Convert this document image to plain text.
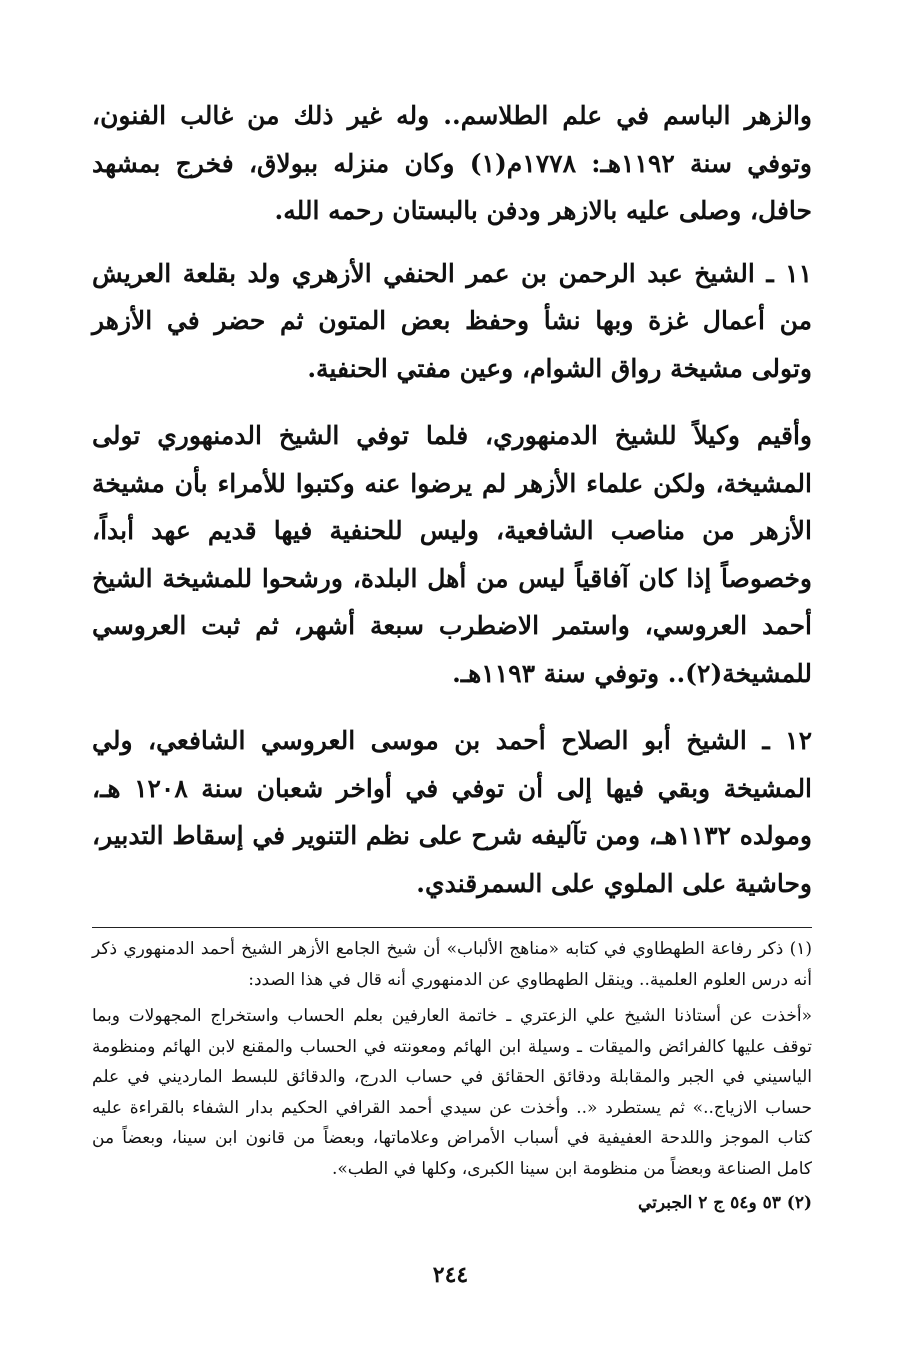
والزهر الباسم في علم الطلاسم.. وله غير ذلك من غالب الفنون، وتوفي سنة ١١٩٢هـ: ١٧٧٨م(١) وكان منزله ببولاق، فخرج بمشهد حافل، وصلى عليه بالازهر ودفن بالبستان رحمه الله.

١١ ـ الشيخ عبد الرحمن بن عمر الحنفي الأزهري ولد بقلعة العريش من أعمال غزة وبها نشأ وحفظ بعض المتون ثم حضر في الأزهر وتولى مشيخة رواق الشوام، وعين مفتي الحنفية.

وأقيم وكيلاً للشيخ الدمنهوري، فلما توفي الشيخ الدمنهوري تولى المشيخة، ولكن علماء الأزهر لم يرضوا عنه وكتبوا للأمراء بأن مشيخة الأزهر من مناصب الشافعية، وليس للحنفية فيها قديم عهد أبداً، وخصوصاً إذا كان آفاقياً ليس من أهل البلدة، ورشحوا للمشيخة الشيخ أحمد العروسي، واستمر الاضطرب سبعة أشهر، ثم ثبت العروسي للمشيخة(٢).. وتوفي سنة ١١٩٣هـ.

١٢ ـ الشيخ أبو الصلاح أحمد بن موسى العروسي الشافعي، ولي المشيخة وبقي فيها إلى أن توفي في أواخر شعبان سنة ١٢٠٨ هـ، ومولده ١١٣٢هـ، ومن تآليفه شرح على نظم التنوير في إسقاط التدبير، وحاشية على الملوي على السمرقندي.

(١) ذكر رفاعة الطهطاوي في كتابه «مناهج الألباب» أن شيخ الجامع الأزهر الشيخ أحمد الدمنهوري ذكر أنه درس العلوم العلمية.. وينقل الطهطاوي عن الدمنهوري أنه قال في هذا الصدد:

«أخذت عن أستاذنا الشيخ علي الزعتري ـ خاتمة العارفين بعلم الحساب واستخراج المجهولات وبما توقف عليها كالفرائض والميقات ـ وسيلة ابن الهائم ومعونته في الحساب والمقنع لابن الهائم ومنظومة الياسيني في الجبر والمقابلة ودقائق الحقائق في حساب الدرج، والدقائق للبسط المارديني في علم حساب الازياج..» ثم يستطرد «.. وأخذت عن سيدي أحمد القرافي الحكيم بدار الشفاء بالقراءة عليه كتاب الموجز واللدحة العفيفية في أسباب الأمراض وعلاماتها، وبعضاً من قانون ابن سينا، وبعضاً من كامل الصناعة وبعضاً من منظومة ابن سينا الكبرى، وكلها في الطب».

(٢) ٥٣ و٥٤ ج ٢ الجبرتي

٢٤٤
